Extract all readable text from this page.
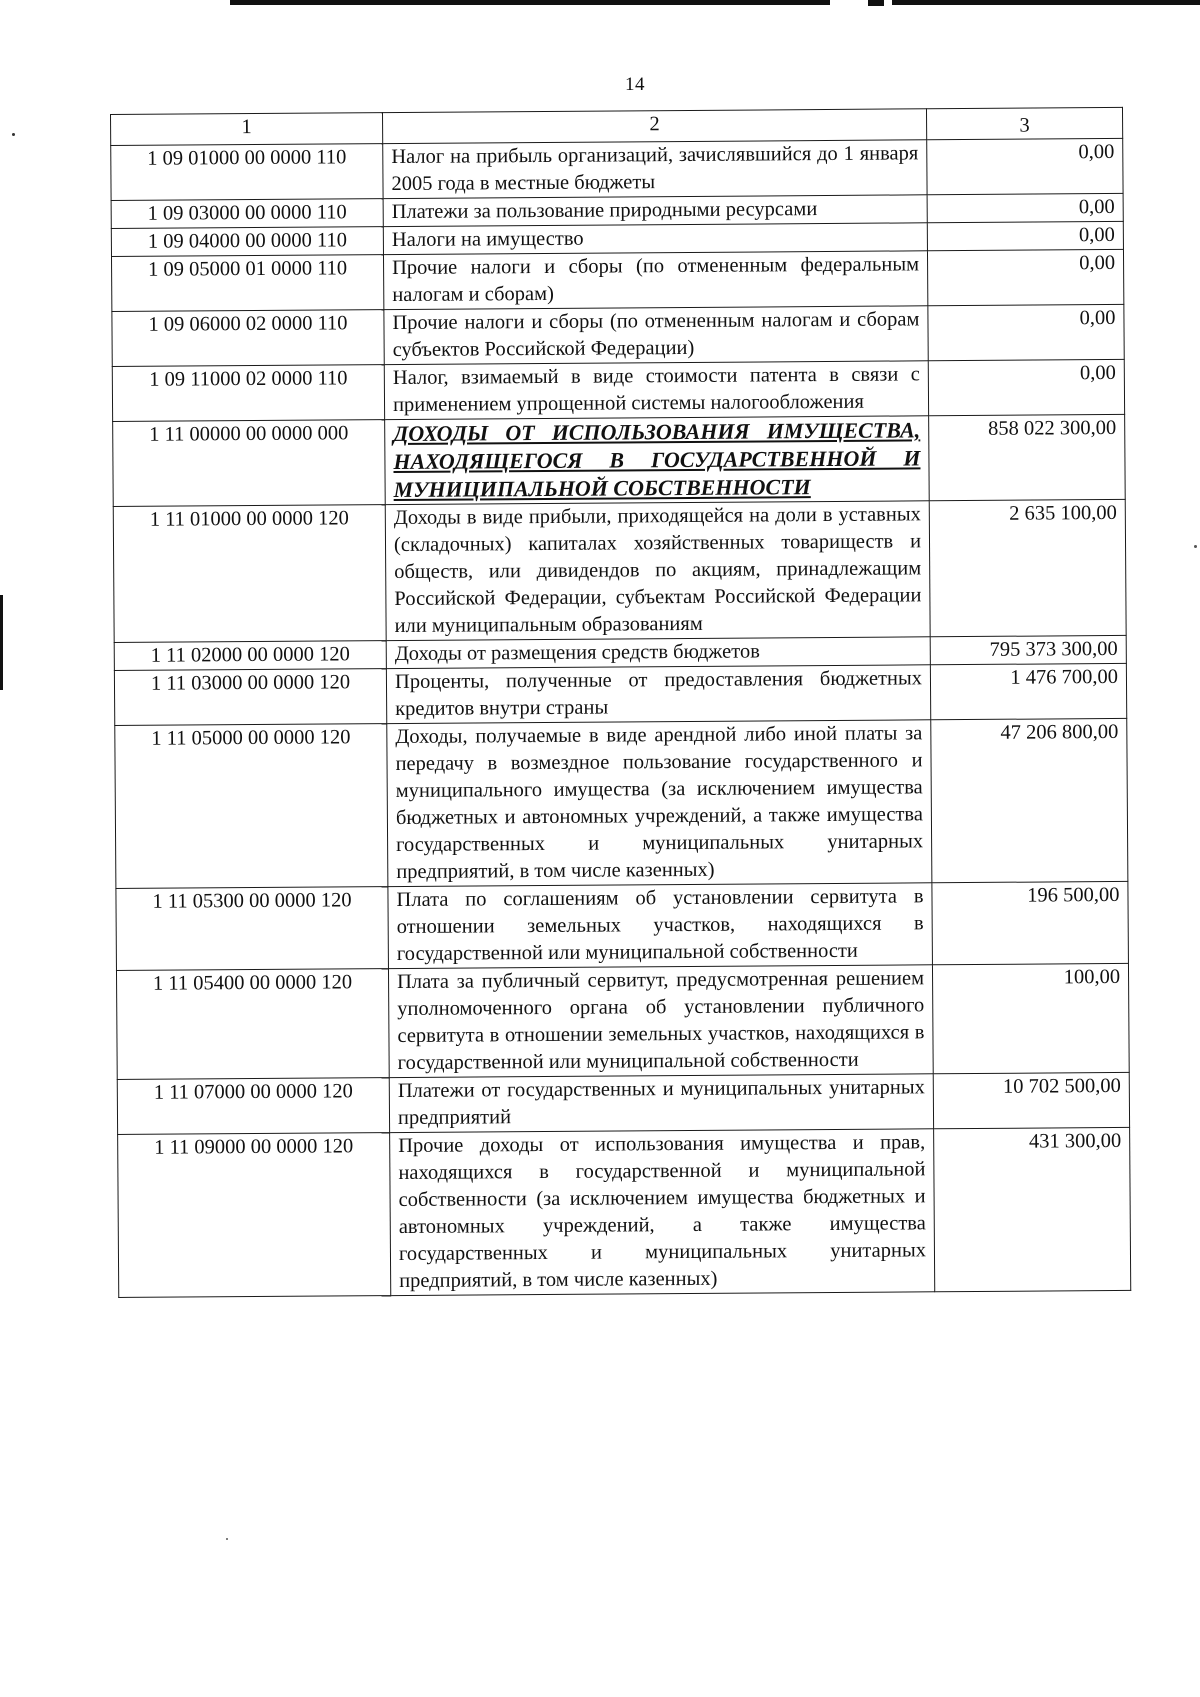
14
1	2	3
1 09 01000 00 0000 110	Налог на прибыль организаций, зачислявшийся до 1 января 2005 года в местные бюджеты	0,00
1 09 03000 00 0000 110	Платежи за пользование природными ресурсами	0,00
1 09 04000 00 0000 110	Налоги на имущество	0,00
1 09 05000 01 0000 110	Прочие налоги и сборы (по отмененным федеральным налогам и сборам)	0,00
1 09 06000 02 0000 110	Прочие налоги и сборы (по отмененным налогам и сборам субъектов Российской Федерации)	0,00
1 09 11000 02 0000 110	Налог, взимаемый в виде стоимости патента в связи с применением упрощенной системы налогообложения	0,00
1 11 00000 00 0000 000	ДОХОДЫ ОТ ИСПОЛЬЗОВАНИЯ ИМУЩЕСТВА, НАХОДЯЩЕГОСЯ В ГОСУДАРСТВЕННОЙ И МУНИЦИПАЛЬНОЙ СОБСТВЕННОСТИ	858 022 300,00
1 11 01000 00 0000 120	Доходы в виде прибыли, приходящейся на доли в уставных (складочных) капиталах хозяйственных товариществ и обществ, или дивидендов по акциям, принадлежащим Российской Федерации, субъектам Российской Федерации или муниципальным образованиям	2 635 100,00
1 11 02000 00 0000 120	Доходы от размещения средств бюджетов	795 373 300,00
1 11 03000 00 0000 120	Проценты, полученные от предоставления бюджетных кредитов внутри страны	1 476 700,00
1 11 05000 00 0000 120	Доходы, получаемые в виде арендной либо иной платы за передачу в возмездное пользование государственного и муниципального имущества (за исключением имущества бюджетных и автономных учреждений, а также имущества государственных и муниципальных унитарных предприятий, в том числе казенных)	47 206 800,00
1 11 05300 00 0000 120	Плата по соглашениям об установлении сервитута в отношении земельных участков, находящихся в государственной или муниципальной собственности	196 500,00
1 11 05400 00 0000 120	Плата за публичный сервитут, предусмотренная решением уполномоченного органа об установлении публичного сервитута в отношении земельных участков, находящихся в государственной или муниципальной собственности	100,00
1 11 07000 00 0000 120	Платежи от государственных и муниципальных унитарных предприятий	10 702 500,00
1 11 09000 00 0000 120	Прочие доходы от использования имущества и прав, находящихся в государственной и муниципальной собственности (за исключением имущества бюджетных и автономных учреждений, а также имущества государственных и муниципальных унитарных предприятий, в том числе казенных)	431 300,00
